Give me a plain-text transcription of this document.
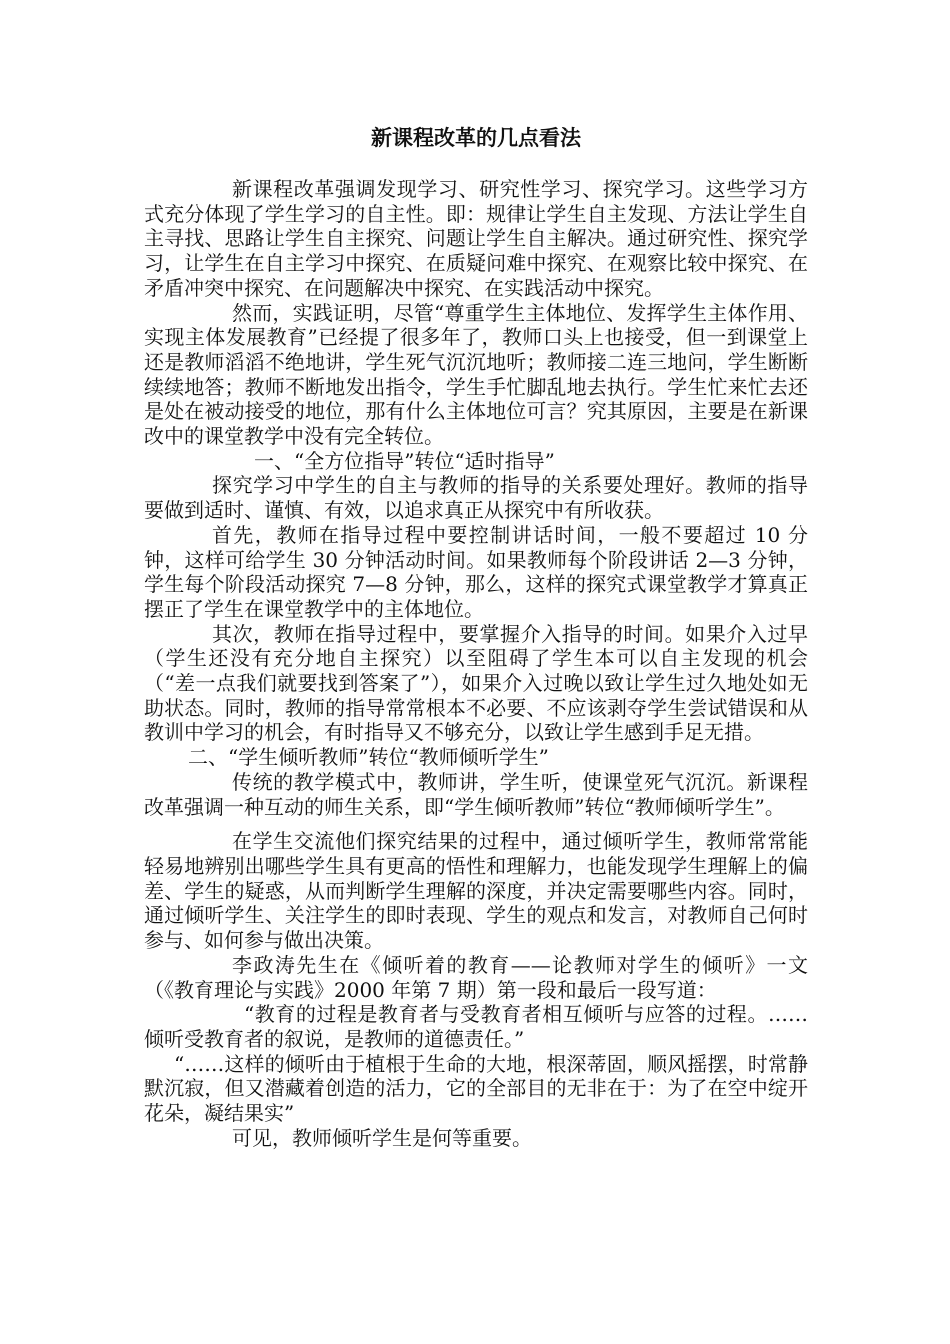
新课程改革的几点看法

新课程改革强调发现学习、研究性学习、探究学习。这些学习方式充分体现了学生学习的自主性。即：规律让学生自主发现、方法让学生自主寻找、思路让学生自主探究、问题让学生自主解决。通过研究性、探究学习，让学生在自主学习中探究、在质疑问难中探究、在观察比较中探究、在矛盾冲突中探究、在问题解决中探究、在实践活动中探究。

然而，实践证明，尽管“尊重学生主体地位、发挥学生主体作用、实现主体发展教育”已经提了很多年了，教师口头上也接受，但一到课堂上还是教师滔滔不绝地讲，学生死气沉沉地听；教师接二连三地问，学生断断续续地答；教师不断地发出指令，学生手忙脚乱地去执行。学生忙来忙去还是处在被动接受的地位，那有什么主体地位可言？究其原因，主要是在新课改中的课堂教学中没有完全转位。

一、“全方位指导”转位“适时指导”

探究学习中学生的自主与教师的指导的关系要处理好。教师的指导要做到适时、谨慎、有效，以追求真正从探究中有所收获。

首先，教师在指导过程中要控制讲话时间，一般不要超过 10 分钟，这样可给学生 30 分钟活动时间。如果教师每个阶段讲话 2—3 分钟，学生每个阶段活动探究 7—8 分钟，那么，这样的探究式课堂教学才算真正摆正了学生在课堂教学中的主体地位。

其次，教师在指导过程中，要掌握介入指导的时间。如果介入过早（学生还没有充分地自主探究）以至阻碍了学生本可以自主发现的机会（“差一点我们就要找到答案了”），如果介入过晚以致让学生过久地处如无助状态。同时，教师的指导常常根本不必要、不应该剥夺学生尝试错误和从教训中学习的机会，有时指导又不够充分，以致让学生感到手足无措。

二、“学生倾听教师”转位“教师倾听学生”

传统的教学模式中，教师讲，学生听，使课堂死气沉沉。新课程改革强调一种互动的师生关系，即“学生倾听教师”转位“教师倾听学生”。

在学生交流他们探究结果的过程中，通过倾听学生，教师常常能轻易地辨别出哪些学生具有更高的悟性和理解力，也能发现学生理解上的偏差、学生的疑惑，从而判断学生理解的深度，并决定需要哪些内容。同时，通过倾听学生、关注学生的即时表现、学生的观点和发言，对教师自己何时参与、如何参与做出决策。

李政涛先生在《倾听着的教育——论教师对学生的倾听》一文（《教育理论与实践》2000 年第 7 期）第一段和最后一段写道：

“教育的过程是教育者与受教育者相互倾听与应答的过程。……倾听受教育者的叙说，是教师的道德责任。”

“……这样的倾听由于植根于生命的大地，根深蒂固，顺风摇摆，时常静默沉寂，但又潜藏着创造的活力，它的全部目的无非在于：为了在空中绽开花朵，凝结果实”

可见，教师倾听学生是何等重要。
